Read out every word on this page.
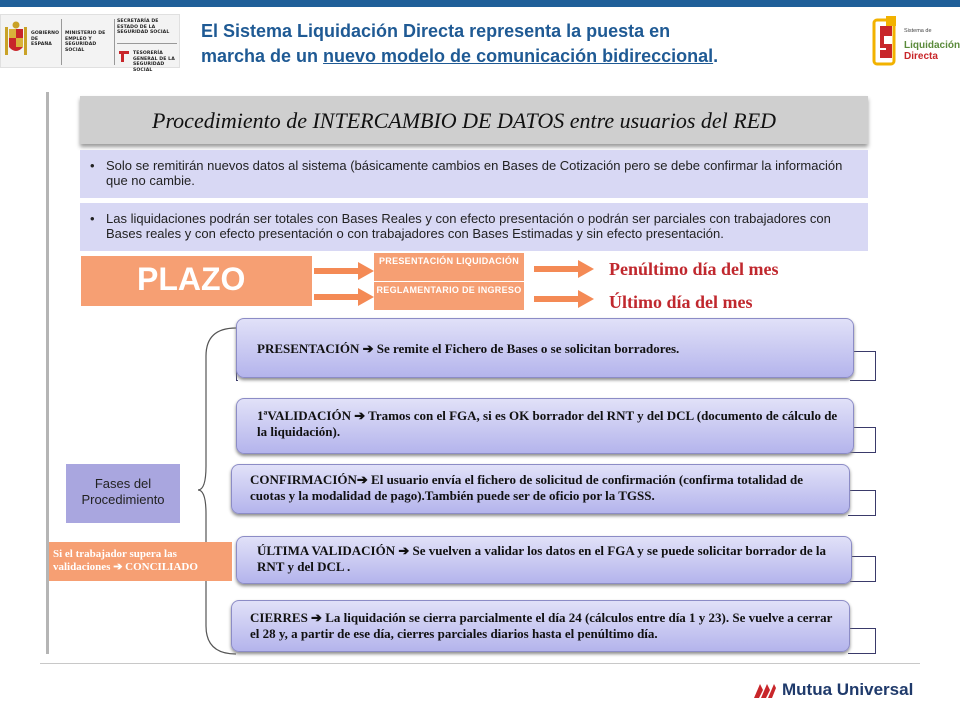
GOBIERNO DE ESPAÑA
MINISTERIO DE EMPLEO Y SEGURIDAD SOCIAL
SECRETARÍA DE ESTADO DE LA SEGURIDAD SOCIAL
TESORERÍA GENERAL DE LA SEGURIDAD SOCIAL
El Sistema Liquidación Directa representa la puesta en
marcha de un nuevo modelo de comunicación bidireccional.
Sistema de
Liquidación
Directa
Procedimiento de INTERCAMBIO DE DATOS entre usuarios del RED
• Solo se remitirán nuevos datos al sistema (básicamente cambios en Bases de Cotización pero se debe confirmar la información que no cambie.
• Las liquidaciones podrán ser totales con Bases Reales y con efecto presentación o podrán ser parciales con trabajadores con Bases reales y con efecto presentación o con trabajadores con Bases Estimadas y sin efecto presentación.
PLAZO	PRESENTACIÓN LIQUIDACIÓN
REGLAMENTARIO DE INGRESO
Penúltimo día del mes
Último día del mes
Fases del Procedimiento
Si el trabajador supera las validaciones ➔ CONCILIADO
PRESENTACIÓN ➔ Se remite el Fichero de Bases o se solicitan borradores.
1ªVALIDACIÓN ➔ Tramos con el FGA, si es OK borrador del RNT y del DCL (documento de cálculo de la liquidación).
CONFIRMACIÓN➔ El usuario envía el fichero de solicitud de confirmación (confirma totalidad de cuotas y la modalidad de pago).También puede ser de oficio por la TGSS.
ÚLTIMA VALIDACIÓN ➔ Se vuelven a validar los datos en el FGA y se puede solicitar borrador de la RNT y del DCL .
CIERRES ➔ La liquidación se cierra parcialmente el día 24 (cálculos entre día 1 y 23). Se vuelve a cerrar el 28 y, a partir de ese día, cierres parciales diarios hasta el penúltimo día.
Mutua Universal
